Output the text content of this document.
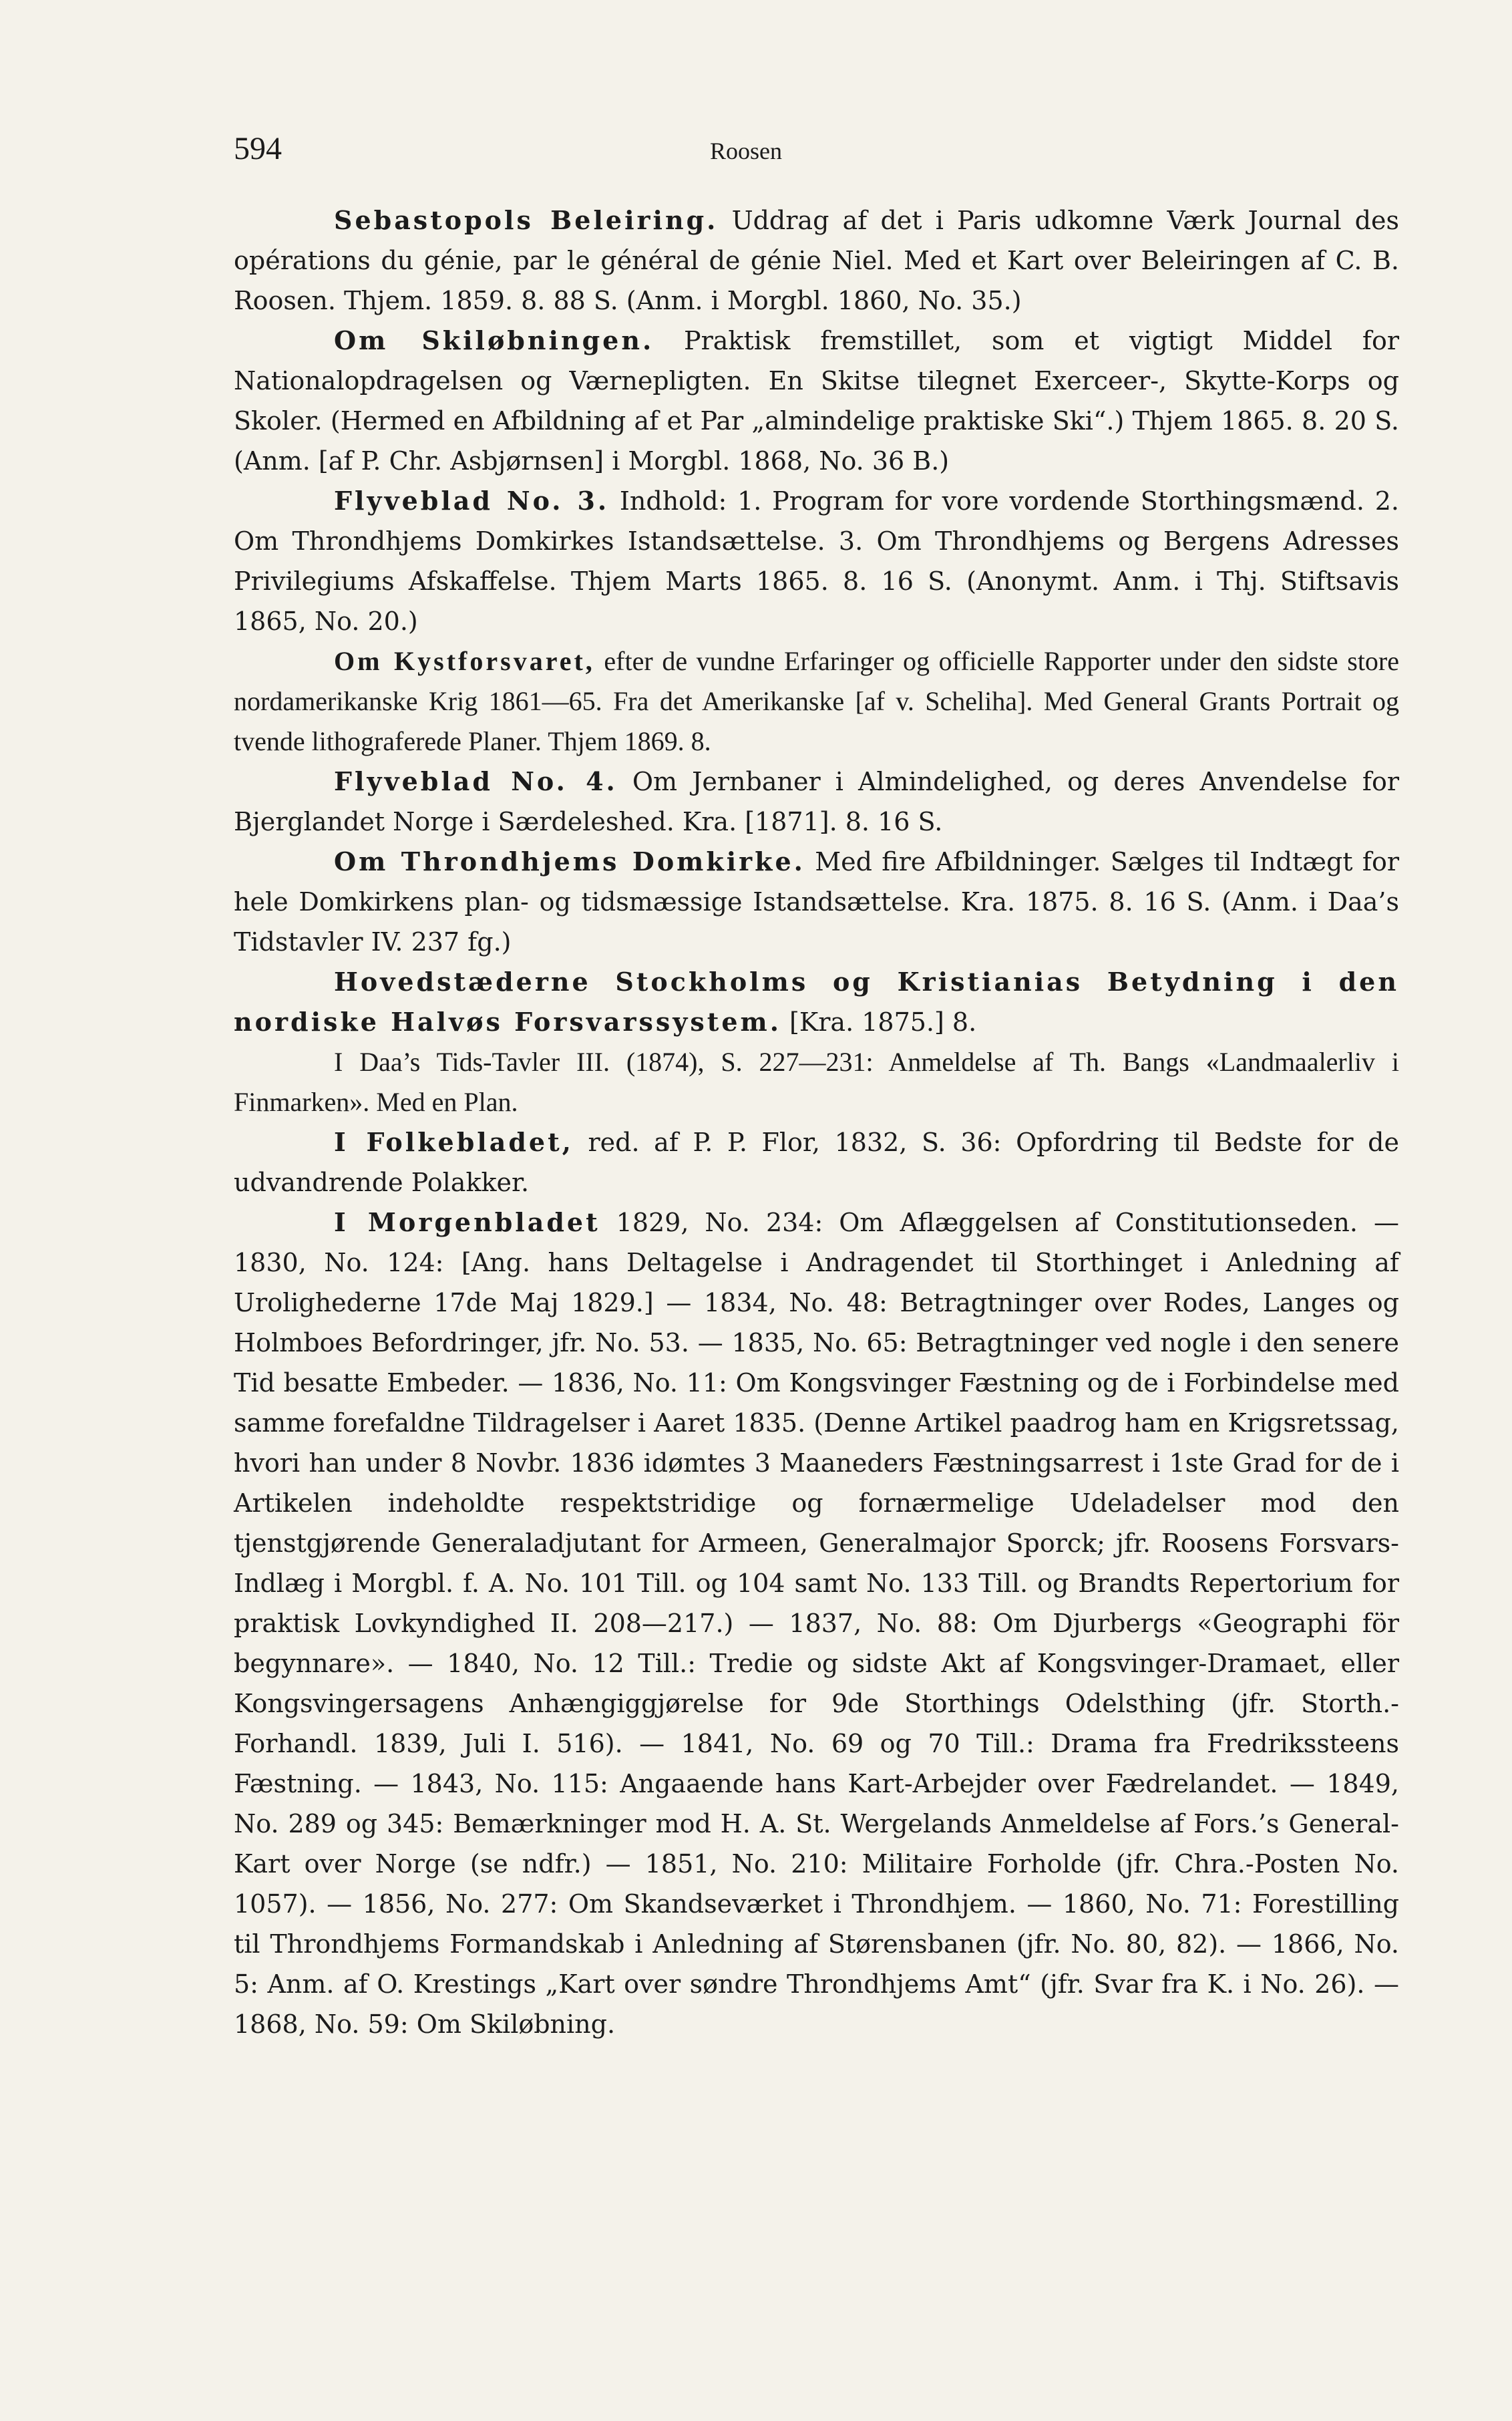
594	Roosen

Sebastopols Beleiring. Uddrag af det i Paris udkomne Værk Journal des opérations du génie, par le général de génie Niel. Med et Kart over Beleiringen af C. B. Roosen. Thjem. 1859. 8. 88 S. (Anm. i Morgbl. 1860, No. 35.)

Om Skiløbningen. Praktisk fremstillet, som et vigtigt Middel for Nationalopdragelsen og Værnepligten. En Skitse tilegnet Exerceer-, Skytte-Korps og Skoler. (Hermed en Afbildning af et Par „almindelige praktiske Ski“.) Thjem 1865. 8. 20 S. (Anm. [af P. Chr. Asbjørnsen] i Morgbl. 1868, No. 36 B.)

Flyveblad No. 3. Indhold: 1. Program for vore vordende Storthingsmænd. 2. Om Throndhjems Domkirkes Istandsættelse. 3. Om Throndhjems og Bergens Adresses Privilegiums Afskaffelse. Thjem Marts 1865. 8. 16 S. (Anonymt. Anm. i Thj. Stiftsavis 1865, No. 20.)

Om Kystforsvaret, efter de vundne Erfaringer og officielle Rapporter under den sidste store nordamerikanske Krig 1861—65. Fra det Amerikanske [af v. Scheliha]. Med General Grants Portrait og tvende lithograferede Planer. Thjem 1869. 8.

Flyveblad No. 4. Om Jernbaner i Almindelighed, og deres Anvendelse for Bjerglandet Norge i Særdeleshed. Kra. [1871]. 8. 16 S.

Om Throndhjems Domkirke. Med fire Afbildninger. Sælges til Indtægt for hele Domkirkens plan- og tidsmæssige Istandsættelse. Kra. 1875. 8. 16 S. (Anm. i Daa’s Tidstavler IV. 237 fg.)

Hovedstæderne Stockholms og Kristianias Betydning i den nordiske Halvøs Forsvarssystem. [Kra. 1875.] 8.

I Daa’s Tids-Tavler III. (1874), S. 227—231: Anmeldelse af Th. Bangs «Landmaalerliv i Finmarken». Med en Plan.

I Folkebladet, red. af P. P. Flor, 1832, S. 36: Opfordring til Bedste for de udvandrende Polakker.

I Morgenbladet 1829, No. 234: Om Aflæggelsen af Constitutionseden. — 1830, No. 124: [Ang. hans Deltagelse i Andragendet til Storthinget i Anledning af Urolighederne 17de Maj 1829.] — 1834, No. 48: Betragtninger over Rodes, Langes og Holmboes Befordringer, jfr. No. 53. — 1835, No. 65: Betragtninger ved nogle i den senere Tid besatte Embeder. — 1836, No. 11: Om Kongsvinger Fæstning og de i Forbindelse med samme forefaldne Tildragelser i Aaret 1835. (Denne Artikel paadrog ham en Krigsretssag, hvori han under 8 Novbr. 1836 idømtes 3 Maaneders Fæstningsarrest i 1ste Grad for de i Artikelen indeholdte respektstridige og fornærmelige Udeladelser mod den tjenstgjørende Generaladjutant for Armeen, Generalmajor Sporck; jfr. Roosens Forsvars-Indlæg i Morgbl. f. A. No. 101 Till. og 104 samt No. 133 Till. og Brandts Repertorium for praktisk Lovkyndighed II. 208—217.) — 1837, No. 88: Om Djurbergs «Geographi för begynnare». — 1840, No. 12 Till.: Tredie og sidste Akt af Kongsvinger-Dramaet, eller Kongsvingersagens Anhængiggjørelse for 9de Storthings Odelsthing (jfr. Storth.-Forhandl. 1839, Juli I. 516). — 1841, No. 69 og 70 Till.: Drama fra Fredrikssteens Fæstning. — 1843, No. 115: Angaaende hans Kart-Arbejder over Fædrelandet. — 1849, No. 289 og 345: Bemærkninger mod H. A. St. Wergelands Anmeldelse af Fors.’s General-Kart over Norge (se ndfr.) — 1851, No. 210: Militaire Forholde (jfr. Chra.-Posten No. 1057). — 1856, No. 277: Om Skandseværket i Throndhjem. — 1860, No. 71: Forestilling til Throndhjems Formandskab i Anledning af Størensbanen (jfr. No. 80, 82). — 1866, No. 5: Anm. af O. Krestings „Kart over søndre Throndhjems Amt“ (jfr. Svar fra K. i No. 26). — 1868, No. 59: Om Skiløbning.
